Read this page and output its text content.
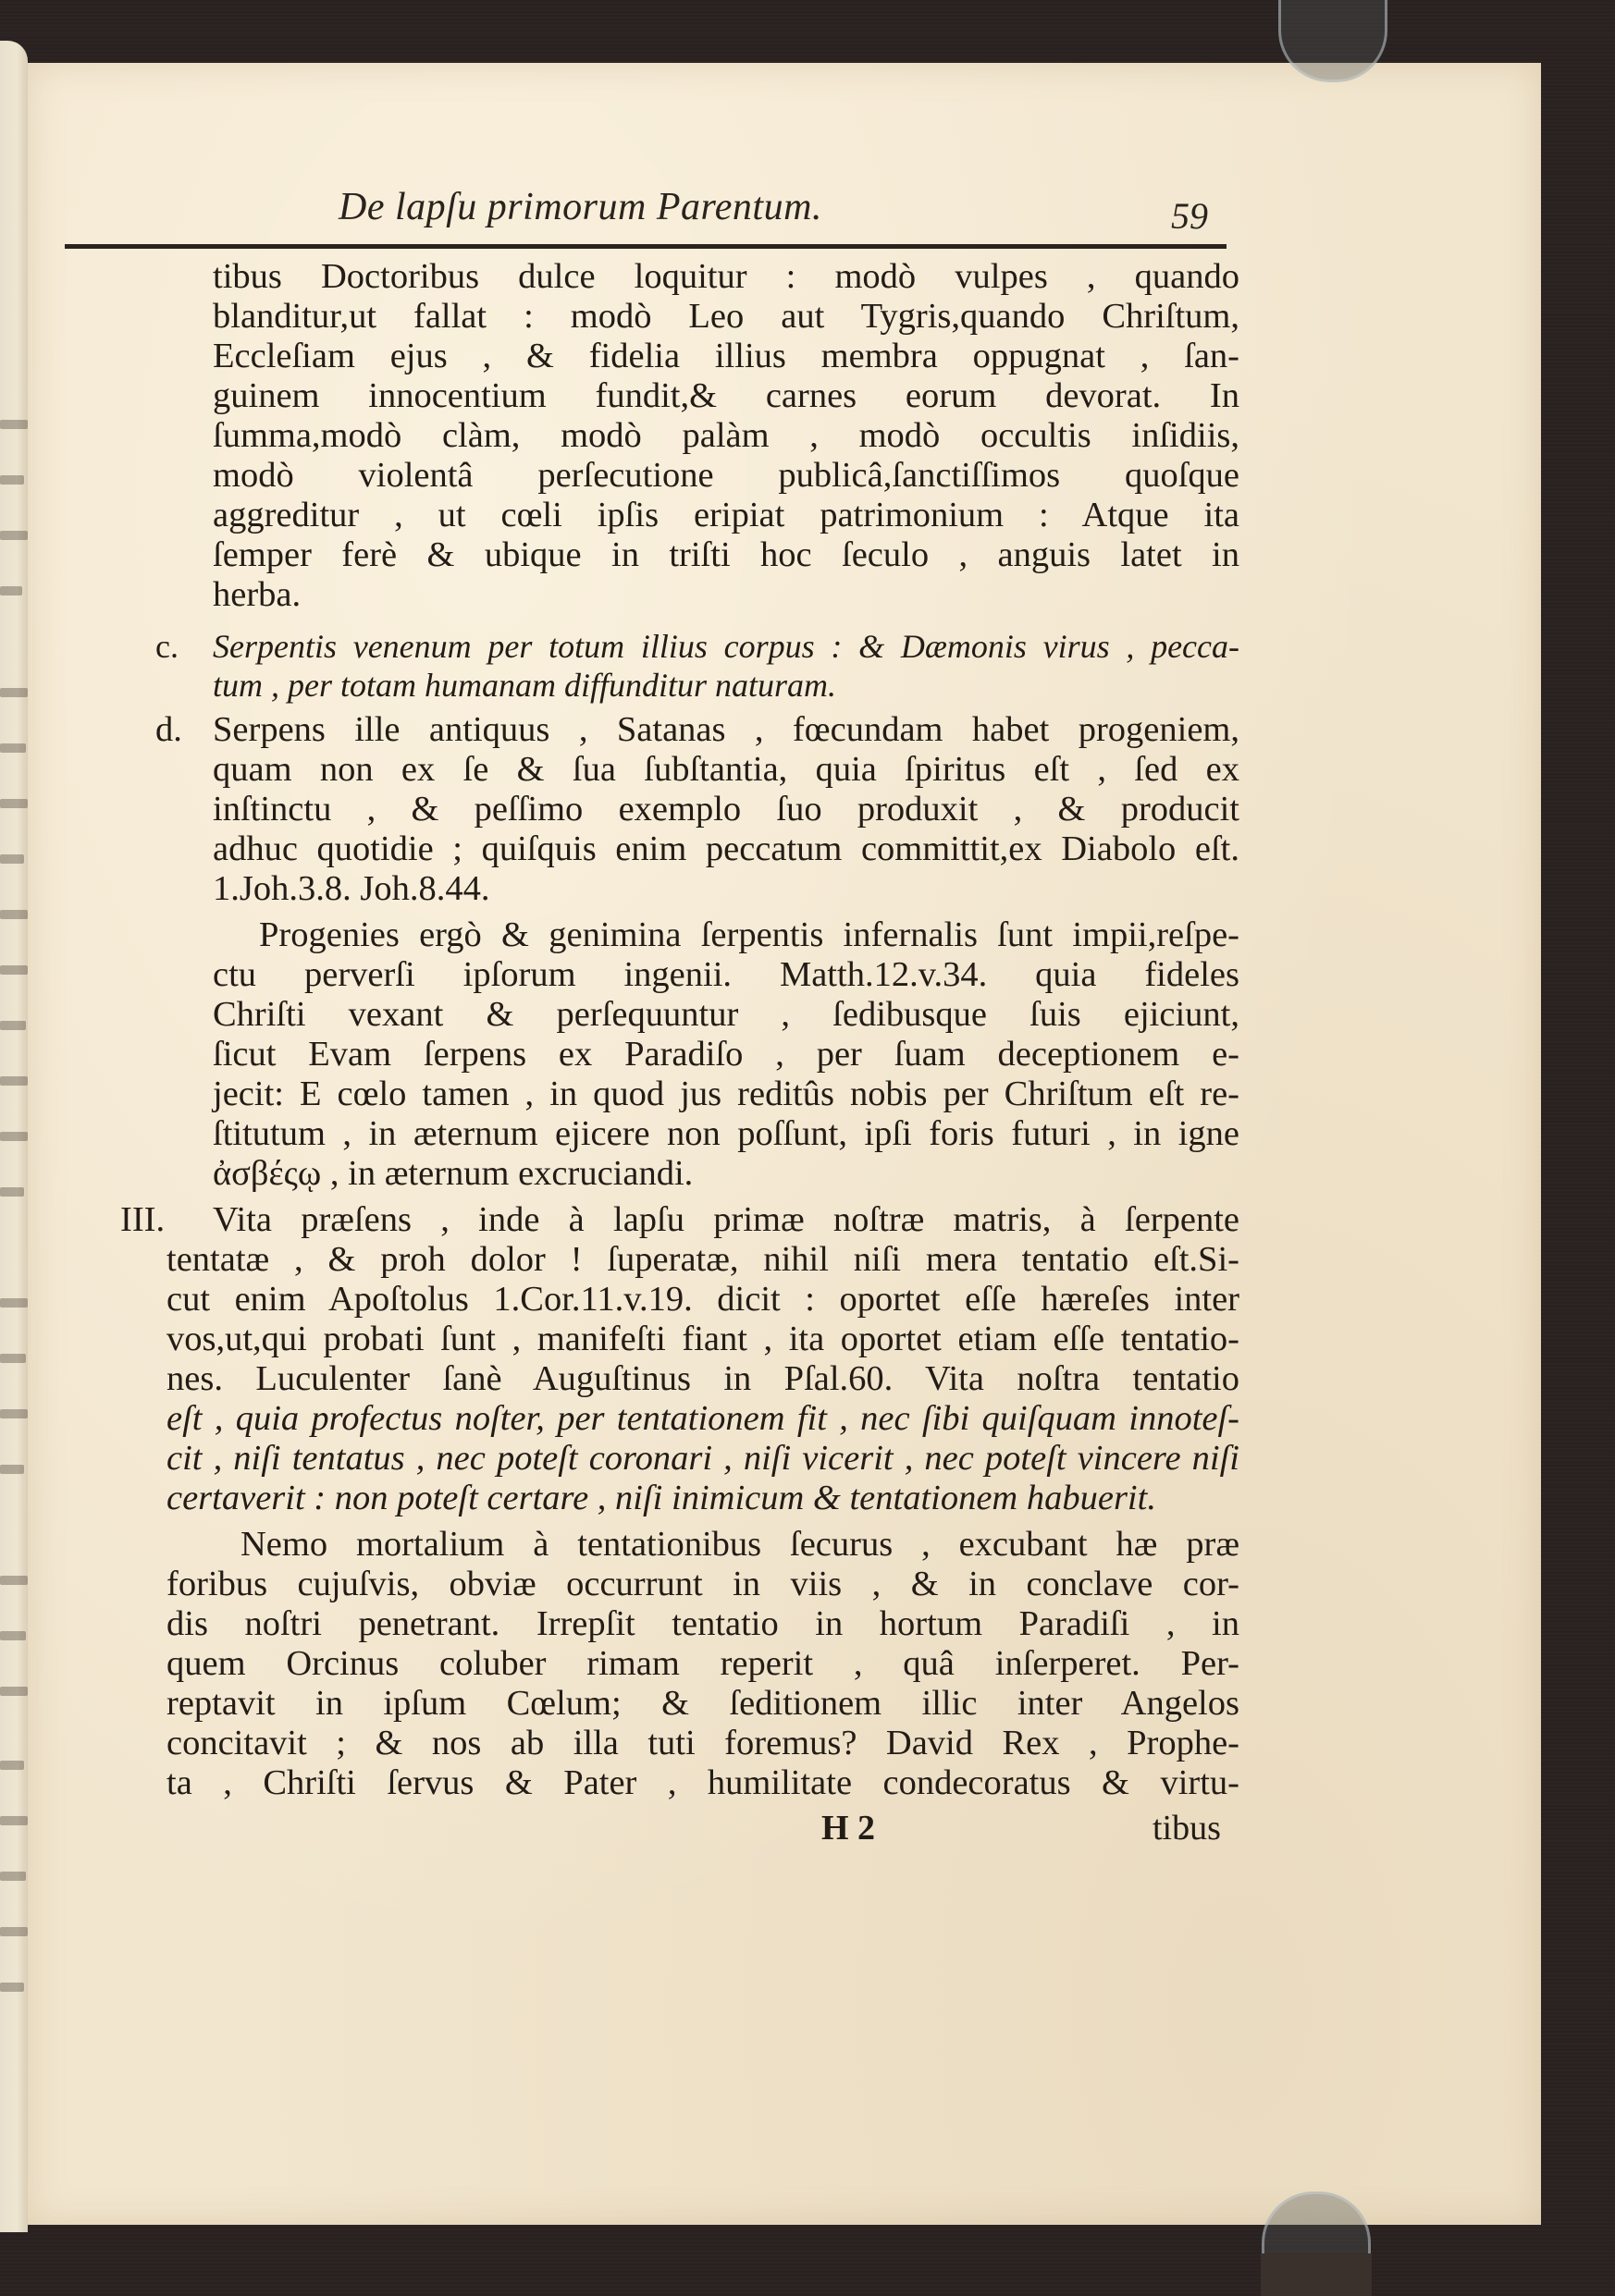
De lapſu primorum Parentum.	59
tibus Doctoribus dulce loquitur : modò vulpes , quando
blanditur,ut fallat : modò Leo aut Tygris,quando Chriſtum,
Eccleſiam ejus , & fidelia illius membra oppugnat , ſan-
guinem innocentium fundit,& carnes eorum devorat. In
ſumma,modò clàm, modò palàm , modò occultis inſidiis,
modò violentâ perſecutione publicâ,ſanctiſſimos quoſque
aggreditur , ut cœli ipſis eripiat patrimonium : Atque ita
ſemper ferè & ubique in triſti hoc ſeculo , anguis latet in
herba.
c. Serpentis venenum per totum illius corpus : & Dæmonis virus , pecca-
tum , per totam humanam diffunditur naturam.
d. Serpens ille antiquus , Satanas , fœcundam habet progeniem,
quam non ex ſe & ſua ſubſtantia, quia ſpiritus eſt , ſed ex
inſtinctu , & peſſimo exemplo ſuo produxit , & producit
adhuc quotidie ; quiſquis enim peccatum committit,ex Diabolo eſt.
1.Joh.3.8. Joh.8.44.
Progenies ergò & genimina ſerpentis infernalis ſunt impii,reſpe-
ctu perverſi ipſorum ingenii. Matth.12.v.34. quia fideles
Chriſti vexant & perſequuntur , ſedibusque ſuis ejiciunt,
ſicut Evam ſerpens ex Paradiſo , per ſuam deceptionem e-
jecit: E cœlo tamen , in quod jus reditûs nobis per Chriſtum eſt re-
ſtitutum , in æternum ejicere non poſſunt, ipſi foris futuri , in igne
ἀσβέςῳ , in æternum excruciandi.
III. Vita præſens , inde à lapſu primæ noſtræ matris, à ſerpente
tentatæ , & proh dolor ! ſuperatæ, nihil niſi mera tentatio eſt.Si-
cut enim Apoſtolus 1.Cor.11.v.19. dicit : oportet eſſe hæreſes inter
vos,ut,qui probati ſunt , manifeſti fiant , ita oportet etiam eſſe tentatio-
nes. Luculenter ſanè Auguſtinus in Pſal.60. Vita noſtra tentatio
eſt , quia profectus noſter, per tentationem fit , nec ſibi quiſquam innoteſ-
cit , niſi tentatus , nec poteſt coronari , niſi vicerit , nec poteſt vincere niſi
certaverit : non poteſt certare , niſi inimicum & tentationem habuerit.
Nemo mortalium à tentationibus ſecurus , excubant hæ præ
foribus cujuſvis, obviæ occurrunt in viis , & in conclave cor-
dis noſtri penetrant. Irrepſit tentatio in hortum Paradiſi , in
quem Orcinus coluber rimam reperit , quâ inſerperet. Per-
reptavit in ipſum Cœlum; & ſeditionem illic inter Angelos
concitavit ; & nos ab illa tuti foremus? David Rex , Prophe-
ta , Chriſti ſervus & Pater , humilitate condecoratus & virtu-
H 2	tibus
